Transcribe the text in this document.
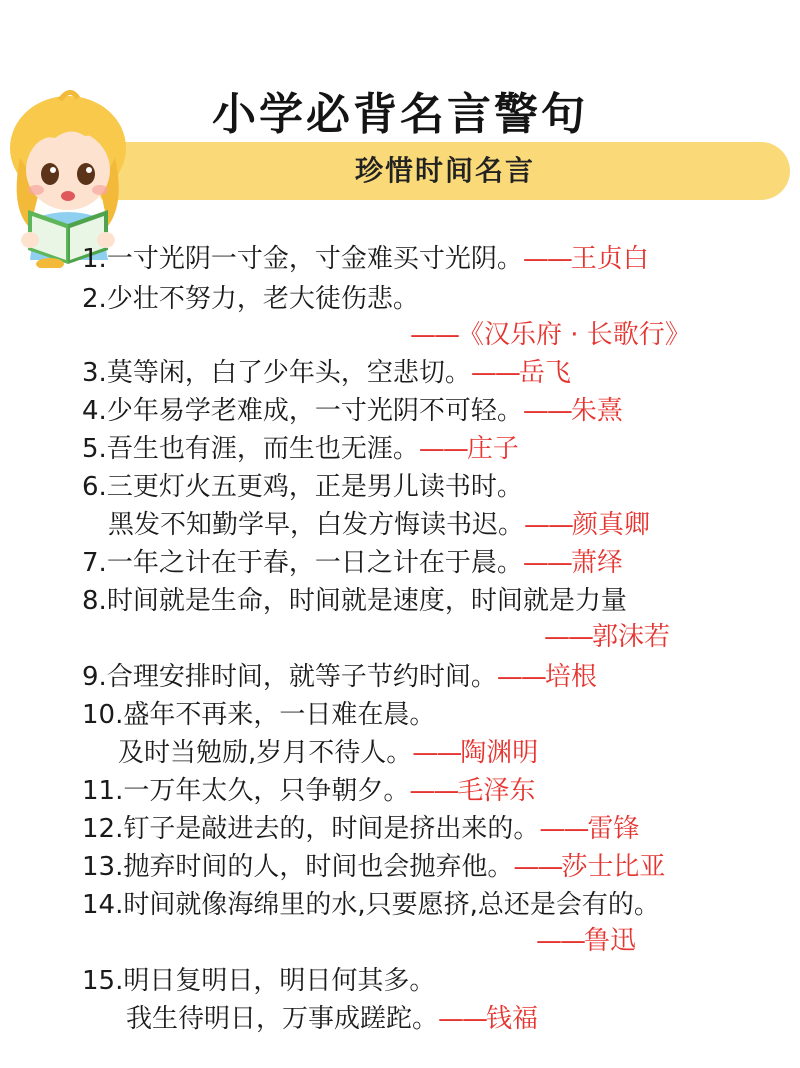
小学必背名言警句
珍惜时间名言
1.一寸光阴一寸金，寸金难买寸光阴。——王贞白
2.少壮不努力，老大徒伤悲。
——《汉乐府 · 长歌行》
3.莫等闲，白了少年头，空悲切。——岳飞
4.少年易学老难成，一寸光阴不可轻。——朱熹
5.吾生也有涯，而生也无涯。——庄子
6.三更灯火五更鸡，正是男儿读书时。
黑发不知勤学早，白发方悔读书迟。——颜真卿
7.一年之计在于春，一日之计在于晨。——萧绎
8.时间就是生命，时间就是速度，时间就是力量
——郭沫若
9.合理安排时间，就等子节约时间。——培根
10.盛年不再来，一日难在晨。
及时当勉励,岁月不待人。——陶渊明
11.一万年太久，只争朝夕。——毛泽东
12.钉子是敲进去的，时间是挤出来的。——雷锋
13.抛弃时间的人，时间也会抛弃他。——莎士比亚
14.时间就像海绵里的水,只要愿挤,总还是会有的。
——鲁迅
15.明日复明日，明日何其多。
我生待明日，万事成蹉跎。——钱福
